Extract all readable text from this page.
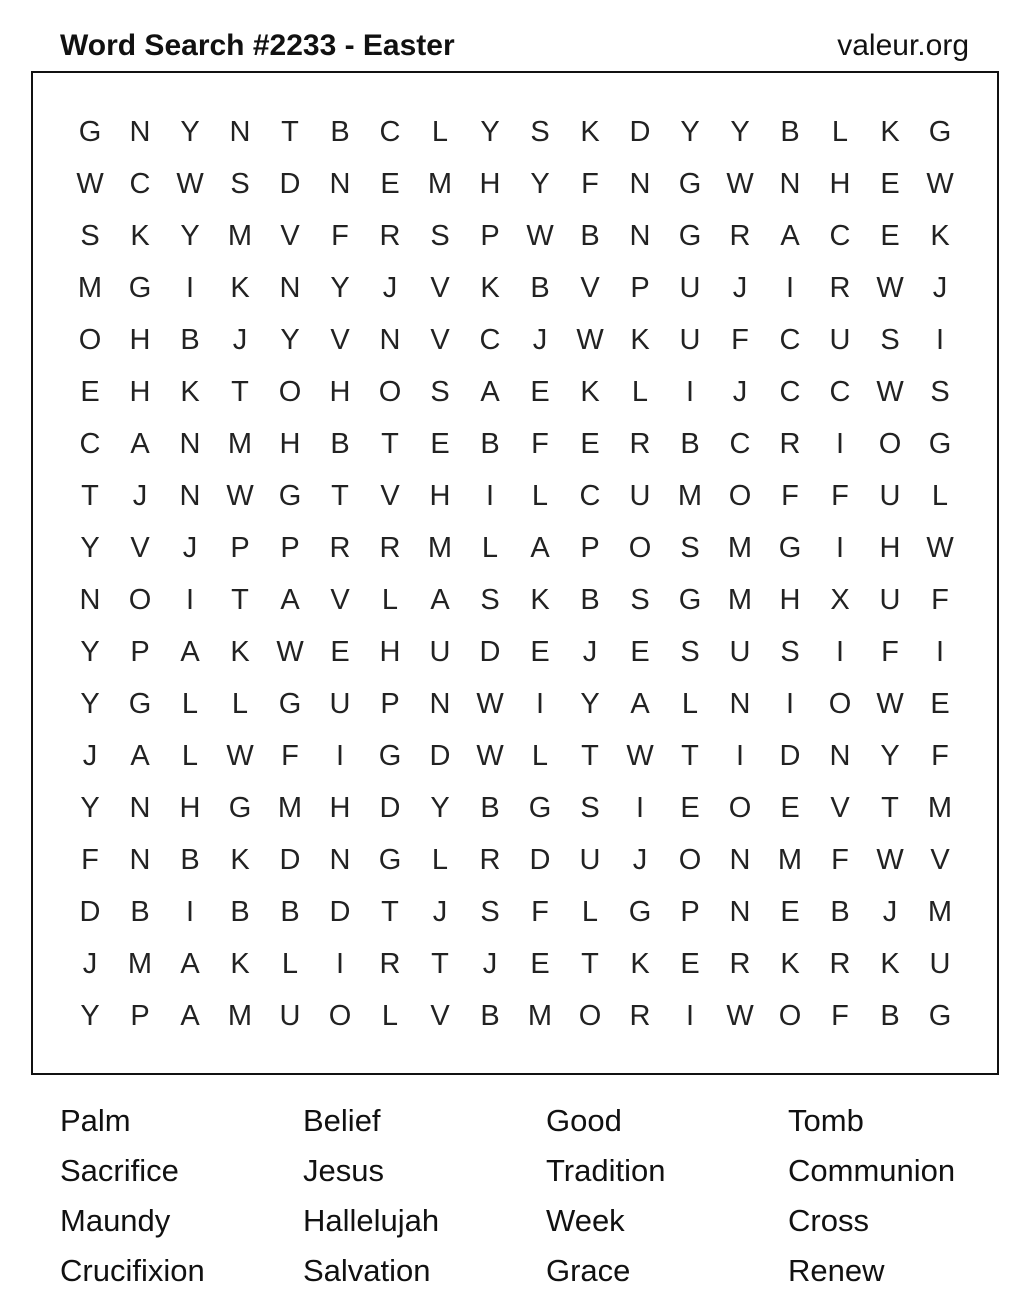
Word Search #2233 - Easter	valeur.org
G N	Y	N	T	B	C	L	Y	S	K	D	Y	Y	B	L	K	G
W C W S	D	N	E M H	Y	F	N G W N	H	E W
S	K	Y M V	F	R	S	P W B	N G R	A	C	E	K
M G	I	K	N	Y	J	V	K	B	V	P	U	J	I	R W	J
O H	B	J	Y	V	N	V	C	J	W K	U	F	C	U	S	I
E	H	K	T	O H O	S	A	E	K	L	I	J	C	C W S
C	A	N M H	B	T	E	B	F	E	R	B	C	R	I	O G
T	J	N W G	T	V	H	I	L	C	U M O	F	F	U	L
Y	V	J	P	P	R	R M	L	A	P	O	S M G	I	H W
N O	I	T	A	V	L	A	S	K	B	S	G M H	X	U	F
Y	P	A	K W E	H	U	D	E	J	E	S	U	S	I	F	I
Y	G	L	L	G U	P	N W	I	Y	A	L	N	I	O W E
J	A	L W F	I	G D W L	T W T	I	D	N	Y	F
Y	N	H G M H	D	Y	B	G	S	I	E	O	E	V	T	M
F	N	B	K	D	N G	L	R	D	U	J	O N M	F W V
D	B	I	B	B	D	T	J	S	F	L	G	P	N	E	B	J	M
J	M A	K	L	I	R	T	J	E	T	K	E	R	K	R	K	U
Y	P	A M U O	L	V	B M O R	I	W O	F	B	G
Palm	Belief	Good	Tomb
Sacrifice	Jesus	Tradition	Communion
Maundy	Hallelujah	Week	Cross
Crucifixion	Salvation	Grace	Renew
